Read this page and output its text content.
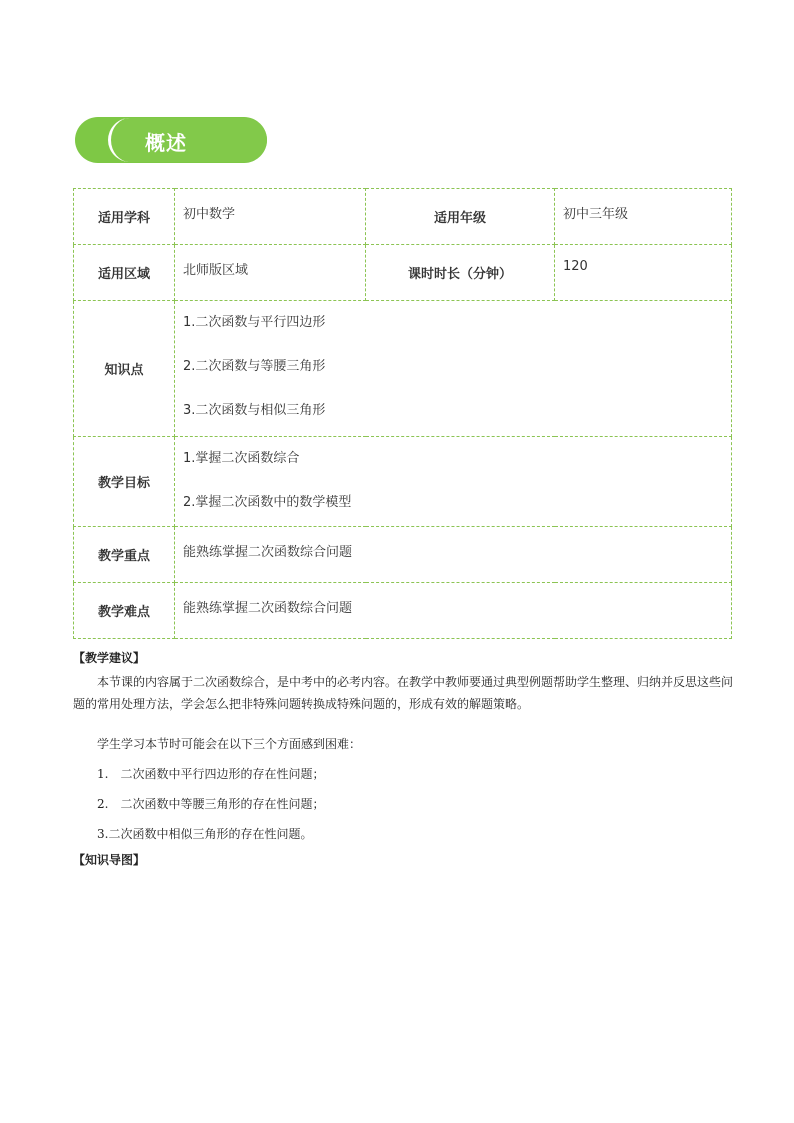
概述
适用学科	初中数学	适用年级	初中三年级
适用区域	北师版区域	课时时长（分钟）	120
知识点	1.二次函数与平行四边形
2.二次函数与等腰三角形
3.二次函数与相似三角形		

教学目标	1.掌握二次函数综合
2.掌握二次函数中的数学模型		

教学重点	能熟练掌握二次函数综合问题		
教学难点	能熟练掌握二次函数综合问题		

【教学建议】

本节课的内容属于二次函数综合，是中考中的必考内容。在教学中教师要通过典型例题帮助学生整理、归纳并反思这些问题的常用处理方法，学会怎么把非特殊问题转换成特殊问题的，形成有效的解题策略。

学生学习本节时可能会在以下三个方面感到困难：

1.　二次函数中平行四边形的存在性问题；

2.　二次函数中等腰三角形的存在性问题；

3.二次函数中相似三角形的存在性问题。

【知识导图】
